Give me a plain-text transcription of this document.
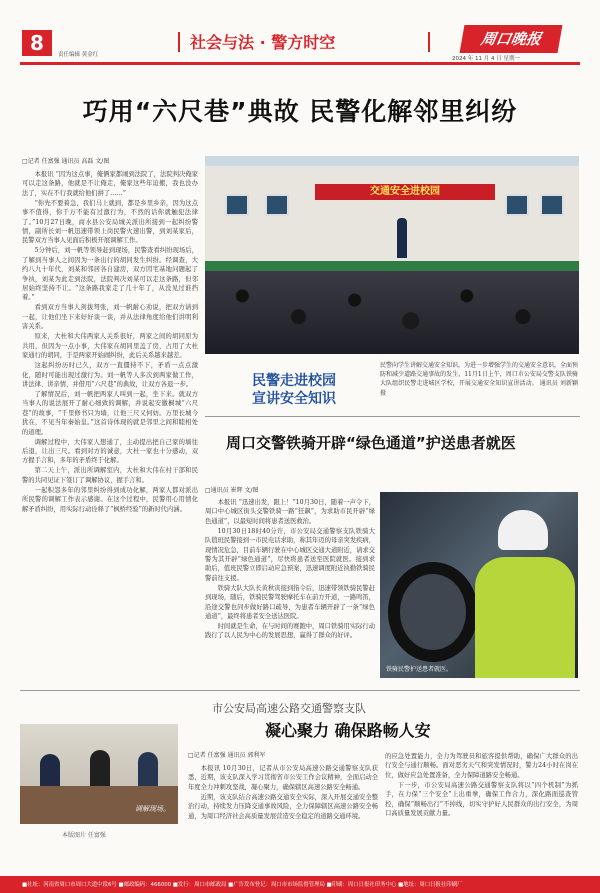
8	责任编辑 黄金红
社会与法 · 警方时空	周口晚报
2024 年 11 月 4 日 星期一
巧用“六尺巷”典故 民警化解邻里纠纷
□记者 任富强 通讯员 高磊 文/图

本报讯 “因为这点事，俺俩家都闹到法院了，法院判决俺家可以走这条路，他就是不让俺走，俺家这些年迫搬，我也没办法了，实在不行我就给他们拼了……”

“你先不要着急，我们马上就到，都是乡里乡亲，因为这点事不值得，你千万不能有过激行为，不然的话你就触犯法律了。”10月27日晚，商水县公安局城关派出所接到一起纠纷警情，副所长刘一帆迅速带领上岗民警火速出警，到刘某家后，民警双方当事人见面后积极开展调解工作。

5分钟后，刘一帆等领导赶到现场，民警查看纠纷现场后，了解到当事人之间因为一条出行的胡同发生纠纷。经调查，大约八九十年代，刘某和邻居各自建房，双方因宅基地问题起了争执，刘某为此走到法院，法院判决刘某可以走这条路，但邻居始终坚持不让。“这条路我家走了几十年了，从没见过谁挡着。”

看到双方当事人剑拔弩张，刘一帆耐心劝说，把双方请到一起，让他们坐下来好好谈一谈，并从法律角度给他们讲明利害关系。

原来，大杜和大伟两家人关系很好，两家之间的胡同原为共用，但因为一点小事，大伟家在胡同里盖了房，占用了大杜家通行的胡同，于是两家开始闹纠纷，此后关系越来越差。

这起纠纷历时已久，双方一直僵持不下，矛盾一点点激化，随时可能出现过激行为。刘一帆等人多次到两家做工作，讲法律、讲亲情，并借用“六尺巷”的典故，让双方各退一步。

了解情况后，刘一帆把两家人叫到一起，坐下来。就双方当事人的说法展开了耐心细致的调解，并说起安徽桐城“六尺巷”的故事，“千里修书只为墙，让他三尺又何妨。万里长城今犹在，不见当年秦始皇。”这首诗体现的就是邻里之间和睦相处的道理。

调解过程中，大伟家人想通了，主动提出把自己家的墙往后退，让出三尺。看到对方的诚意，大杜一家也十分感动，双方握手言和，多年的矛盾终于化解。

第二天上午，派出所调解室内，大杜和大伟在村干部和民警的共同见证下签订了调解协议，握手言和。

一起积怨多年的邻里纠纷得到成功化解，两家人都对派出所民警的调解工作表示感谢。在这个过程中，民警用心用情化解矛盾纠纷，用实际行动诠释了“枫桥经验”的新时代内涵。

交通安全进校园
民警走进校园
宣讲安全知识
民警向学生讲解交通安全知识，为进一步增强学生的交通安全意识，全面预防和减少道路交通事故的发生，11月1日上午，周口市公安局交警支队铁骑大队组织民警走进城区学校，开展交通安全知识宣讲活动。 通讯员 刘新颖 摄
周口交警铁骑开辟“绿色通道”护送患者就医
□通讯员 崔辉 文/图

本报讯 “迅速出发，跟上！”10月30日，随着一声令下，周口中心城区街头交警铁骑一路“狂飙”，为求助市民开辟“绿色通道”，以最短时间将患者送医救治。

10月30日18时40分许，市公安局交通警察支队铁骑大队值班民警接到一市民电话求助，称其年迈的母亲突发疾病，现情况危急，目前车辆行驶在中心城区交通大道附近，请求交警为其开辟“绿色通道”，尽快将患者送至医院就医。接到求助后，值班民警立即启动应急预案，迅速调度附近执勤铁骑民警前往支援。

铁骑大队大队长黄秋寅接到指令后，迅速带领铁骑民警赶到现场，随后，铁骑民警驾驶摩托车在前方开道，一路鸣笛，沿途交警也同步做好路口疏导，为患者车辆开辟了一条“绿色通道”，最终将患者安全送达医院。

时间就是生命，在与时间的赛跑中，周口铁骑用实际行动践行了以人民为中心的发展思想，赢得了群众的好评。

铁骑民警护送患者就医。
市公安局高速公路交通警察支队
凝心聚力 确保路畅人安
调解现场。
本版图片 任富强
□记者 任富强 通讯员 郭利军

本报讯 10月30日，记者从市公安局高速公路交通警察支队获悉，近期，该支队深入学习贯彻省市公安工作会议精神，全面启动全年度全力冲刺攻坚战，凝心聚力，确保辖区高速公路安全畅通。

近期，该支队结合高速公路交通安全实际，深入开展交通安全整治行动，持续发力压降交通事故风险，全力保障辖区高速公路安全畅通，为周口经济社会高质量发展营造安全稳定的道路交通环境。

的应急处置能力，全力为驾驶员和旅客提供帮助，确保广大群众的出行安全与通行顺畅。面对恶劣天气和突发情况时，警力24小时在岗在位，做好应急处置准备，全力保障道路安全畅通。

下一步，市公安局高速公路交通警察支队将以“四个机制”为抓手，在力保“三个安全”上出重拳，确保工作合力，深化路面巡查管控，确保“顺畅出行”不掉线，切实守护好人民群众的出行安全，为周口高质量发展贡献力量。

■社址：河南省周口市周口大道中段6号 ■邮政编码：466000 ■发行：周口市邮政局 ■广告发布登记：周口市市场监督管理局 ■印刷：周口日报社印务中心 ■地址：周口日报社印刷厂
